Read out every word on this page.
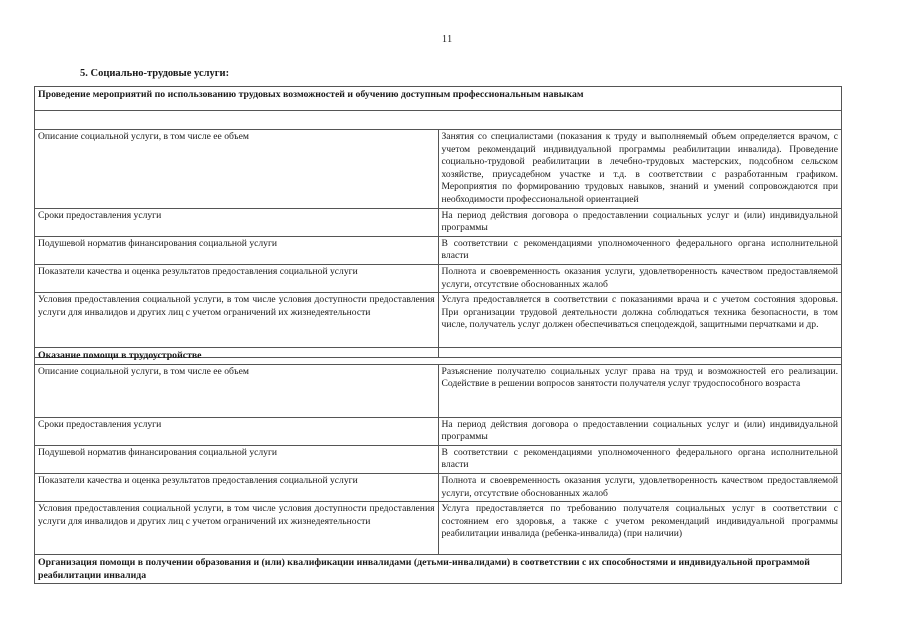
11
5. Социально-трудовые услуги:
Проведение мероприятий по использованию трудовых возможностей и обучению доступным профессиональным навыкам	

Описание социальной услуги, в том числе ее объем	Занятия со специалистами (показания к труду и выполняемый объем определяется врачом, с учетом рекомендаций индивидуальной программы реабилитации инвалида). Проведение социально-трудовой реабилитации в лечебно-трудовых мастерских, подсобном сельском хозяйстве, приусадебном участке и т.д. в соответствии с разработанным графиком. Мероприятия по формированию трудовых навыков, знаний и умений сопровождаются при необходимости профессиональной ориентацией
Сроки предоставления услуги	На период действия договора о предоставлении социальных услуг и (или) индивидуальной программы
Подушевой норматив финансирования социальной услуги	В соответствии с рекомендациями уполномоченного федерального органа исполнительной власти
Показатели качества и оценка результатов предоставления социальной услуги	Полнота и своевременность оказания услуги, удовлетворенность качеством предоставляемой услуги, отсутствие обоснованных жалоб
Условия предоставления социальной услуги, в том числе условия доступности предоставления услуги для инвалидов и других лиц с учетом ограничений их жизнедеятельности	Услуга предоставляется в соответствии с показаниями врача и с учетом состояния здоровья. При организации трудовой деятельности должна соблюдаться техника безопасности, в том числе, получатель услуг должен обеспечиваться спецодеждой, защитными перчатками и др.
Оказание помощи в трудоустройстве	
Описание социальной услуги, в том числе ее объем	Разъяснение получателю социальных услуг права на труд и возможностей его реализации. Содействие в решении вопросов занятости получателя услуг трудоспособного возраста
Сроки предоставления услуги	На период действия договора о предоставлении социальных услуг и (или) индивидуальной программы
Подушевой норматив финансирования социальной услуги	В соответствии с рекомендациями уполномоченного федерального органа исполнительной власти
Показатели качества и оценка результатов предоставления социальной услуги	Полнота и своевременность оказания услуги, удовлетворенность качеством предоставляемой услуги, отсутствие обоснованных жалоб
Условия предоставления социальной услуги, в том числе условия доступности предоставления услуги для инвалидов и других лиц с учетом ограничений их жизнедеятельности	Услуга предоставляется по требованию получателя социальных услуг в соответствии с состоянием его здоровья, а также с учетом рекомендаций индивидуальной программы реабилитации инвалида (ребенка-инвалида) (при наличии)
Организация помощи в получении образования и (или) квалификации инвалидами (детьми-инвалидами) в соответствии с их способностями и индивидуальной программой реабилитации инвалида	
